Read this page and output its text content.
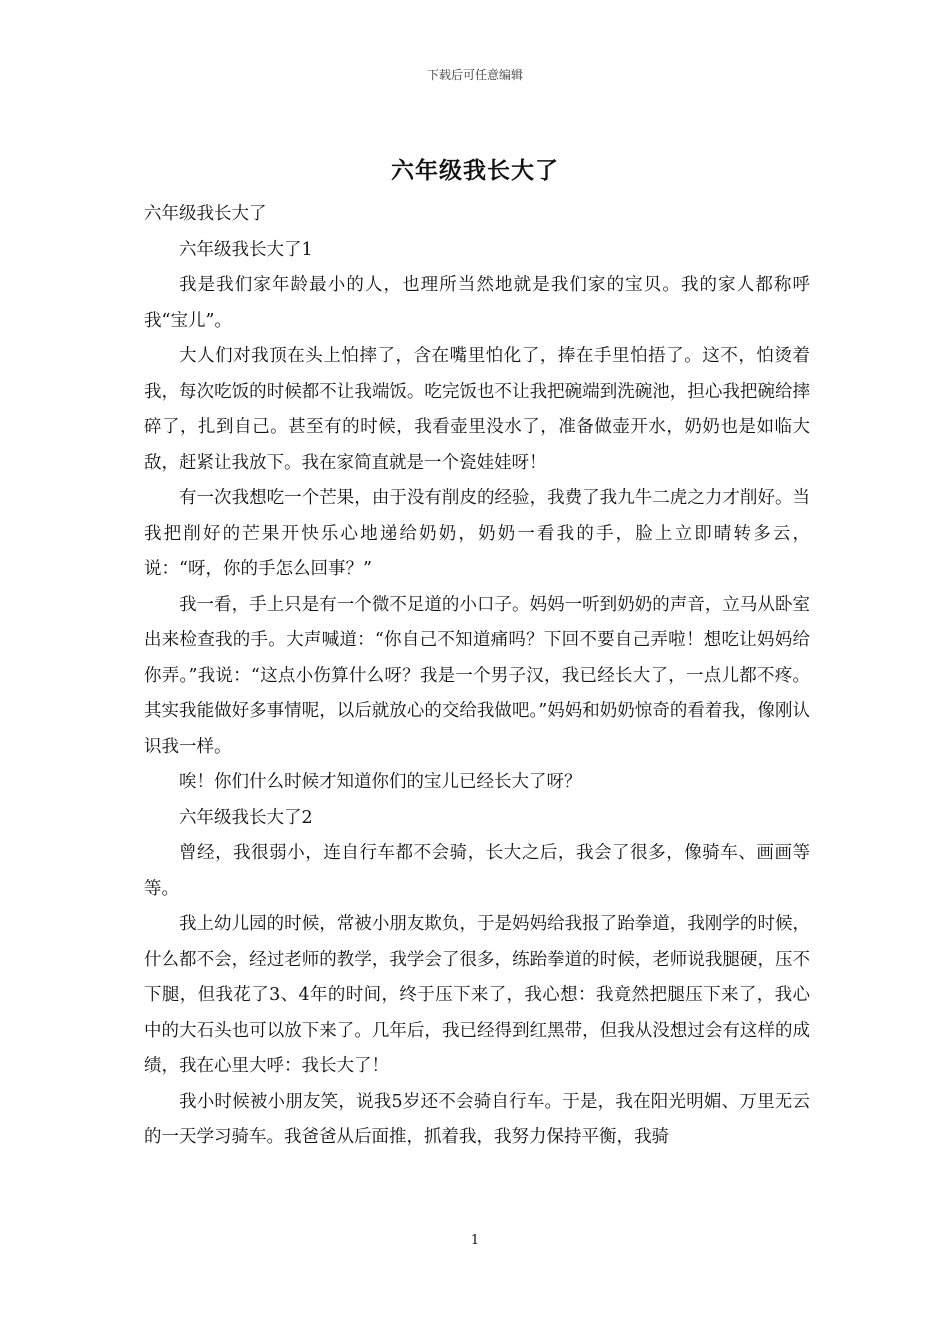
下载后可任意编辑
六年级我长大了

六年级我长大了

六年级我长大了1

我是我们家年龄最小的人，也理所当然地就是我们家的宝贝。我的家人都称呼我“宝儿”。

大人们对我顶在头上怕摔了，含在嘴里怕化了，捧在手里怕捂了。这不，怕烫着我，每次吃饭的时候都不让我端饭。吃完饭也不让我把碗端到洗碗池，担心我把碗给摔碎了，扎到自己。甚至有的时候，我看壶里没水了，准备做壶开水，奶奶也是如临大敌，赶紧让我放下。我在家简直就是一个瓷娃娃呀！

有一次我想吃一个芒果，由于没有削皮的经验，我费了我九牛二虎之力才削好。当我把削好的芒果开快乐心地递给奶奶，奶奶一看我的手，脸上立即晴转多云，说：“呀，你的手怎么回事？”

我一看，手上只是有一个微不足道的小口子。妈妈一听到奶奶的声音，立马从卧室出来检查我的手。大声喊道：“你自己不知道痛吗？下回不要自己弄啦！想吃让妈妈给你弄。”我说：“这点小伤算什么呀？我是一个男子汉，我已经长大了，一点儿都不疼。其实我能做好多事情呢，以后就放心的交给我做吧。”妈妈和奶奶惊奇的看着我，像刚认识我一样。

唉！你们什么时候才知道你们的宝儿已经长大了呀？

六年级我长大了2

曾经，我很弱小，连自行车都不会骑，长大之后，我会了很多，像骑车、画画等等。

我上幼儿园的时候，常被小朋友欺负，于是妈妈给我报了跆拳道，我刚学的时候，什么都不会，经过老师的教学，我学会了很多，练跆拳道的时候，老师说我腿硬，压不下腿，但我花了3、4年的时间，终于压下来了，我心想：我竟然把腿压下来了，我心中的大石头也可以放下来了。几年后，我已经得到红黑带，但我从没想过会有这样的成绩，我在心里大呼：我长大了！

我小时候被小朋友笑，说我5岁还不会骑自行车。于是，我在阳光明媚、万里无云的一天学习骑车。我爸爸从后面推，抓着我，我努力保持平衡，我骑

1
